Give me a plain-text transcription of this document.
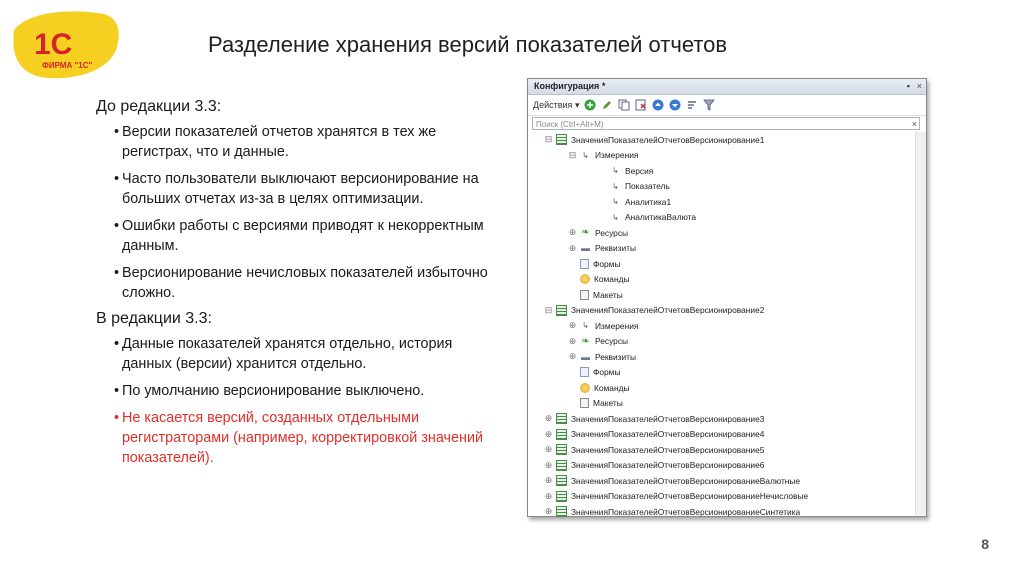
1C
ФИРМА "1С"
Разделение хранения версий показателей отчетов
До редакции 3.3:
• Версии показателей отчетов хранятся в тех же регистрах, что и данные.
• Часто пользователи выключают версионирование на больших отчетах из-за в целях оптимизации.
• Ошибки работы с версиями приводят к некорректным данным.
• Версионирование нечисловых показателей избыточно сложно.
В редакции 3.3:
• Данные показателей хранятся отдельно, история данных (версии) хранится отдельно.
• По умолчанию версионирование выключено.
• Не касается версий, созданных отдельными регистраторами (например, корректировкой значений показателей).
Конфигурация *	▪ ×
Действия ▾
Поиск (Ctrl+Alt+M)	×
⊟ ЗначенияПоказателейОтчетовВерсионирование1
⊟ ↳ Измерения
↳ Версия
↳ Показатель
↳ Аналитика1
↳ АналитикаВалюта
⊕ ❧ Ресурсы
⊕ ▬ Реквизиты
Формы
Команды
Макеты
⊟ ЗначенияПоказателейОтчетовВерсионирование2
⊕ ↳ Измерения
⊕ ❧ Ресурсы
⊕ ▬ Реквизиты
Формы
Команды
Макеты
⊕ ЗначенияПоказателейОтчетовВерсионирование3
⊕ ЗначенияПоказателейОтчетовВерсионирование4
⊕ ЗначенияПоказателейОтчетовВерсионирование5
⊕ ЗначенияПоказателейОтчетовВерсионирование6
⊕ ЗначенияПоказателейОтчетовВерсионированиеВалютные
⊕ ЗначенияПоказателейОтчетовВерсионированиеНечисловые
⊕ ЗначенияПоказателейОтчетовВерсионированиеСинтетика
8
